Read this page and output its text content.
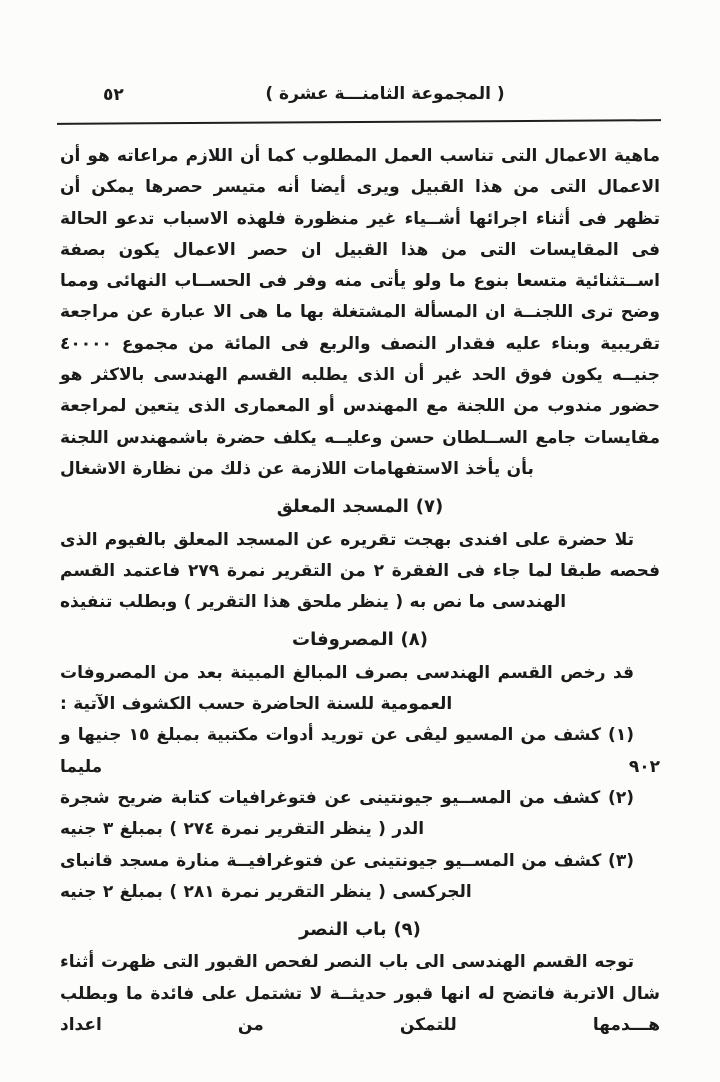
٥٢	( المجموعة الثامنـــة عشرة )

ماهية الاعمال التى تناسب العمل المطلوب كما أن اللازم مراعاته هو أن الاعمال التى من هذا القبيل ويرى أيضا أنه متيسر حصرها يمكن أن تظهر فى أثناء اجرائها أشــياء غير منظورة فلهذه الاسباب تدعو الحالة فى المقايسات التى من هذا القبيل ان حصر الاعمال يكون بصفة اســتثنائية متسعا بنوع ما ولو يأتى منه وفر فى الحســاب النهائى ومما وضح ترى اللجنــة ان المسألة المشتغلة بها ما هى الا عبارة عن مراجعة تقريبية وبناء عليه فقدار النصف والربع فى المائة من مجموع ٤٠٠٠٠ جنيــه يكون فوق الحد غير أن الذى يطلبه القسم الهندسى بالاكثر هو حضور مندوب من اللجنة مع المهندس أو المعمارى الذى يتعين لمراجعة مقايسات جامع الســلطان حسن وعليــه يكلف حضرة باشمهندس اللجنة بأن يأخذ الاستفهامات اللازمة عن ذلك من نظارة الاشغال

(٧) المسجد المعلق

تلا حضرة على افندى بهجت تقريره عن المسجد المعلق بالفيوم الذى فحصه طبقا لما جاء فى الفقرة ٢ من التقرير نمرة ٢٧٩ فاعتمد القسم الهندسى ما نص به ( ينظر ملحق هذا التقرير ) وبطلب تنفيذه

(٨) المصروفات

قد رخص القسم الهندسى بصرف المبالغ المبينة بعد من المصروفات العمومية للسنة الحاضرة حسب الكشوف الآتية :

(١) كشف من المسيو ليڤى عن توريد أدوات مكتبية بمبلغ ١٥ جنيها و ٩٠٢ مليما

(٢) كشف من المســيو جيونتينى عن فتوغرافيات كتابة ضريح شجرة الدر ( ينظر التقرير نمرة ٢٧٤ ) بمبلغ ٣ جنيه

(٣) كشف من المســيو جيونتينى عن فتوغرافيــة منارة مسجد قانباى الجركسى ( ينظر التقرير نمرة ٢٨١ ) بمبلغ ٢ جنيه

(٩) باب النصر

توجه القسم الهندسى الى باب النصر لفحص القبور التى ظهرت أثناء شال الاتربة فاتضح له انها قبور حديثــة لا تشتمل على فائدة ما وبطلب هـــدمها للتمكن من اعداد
